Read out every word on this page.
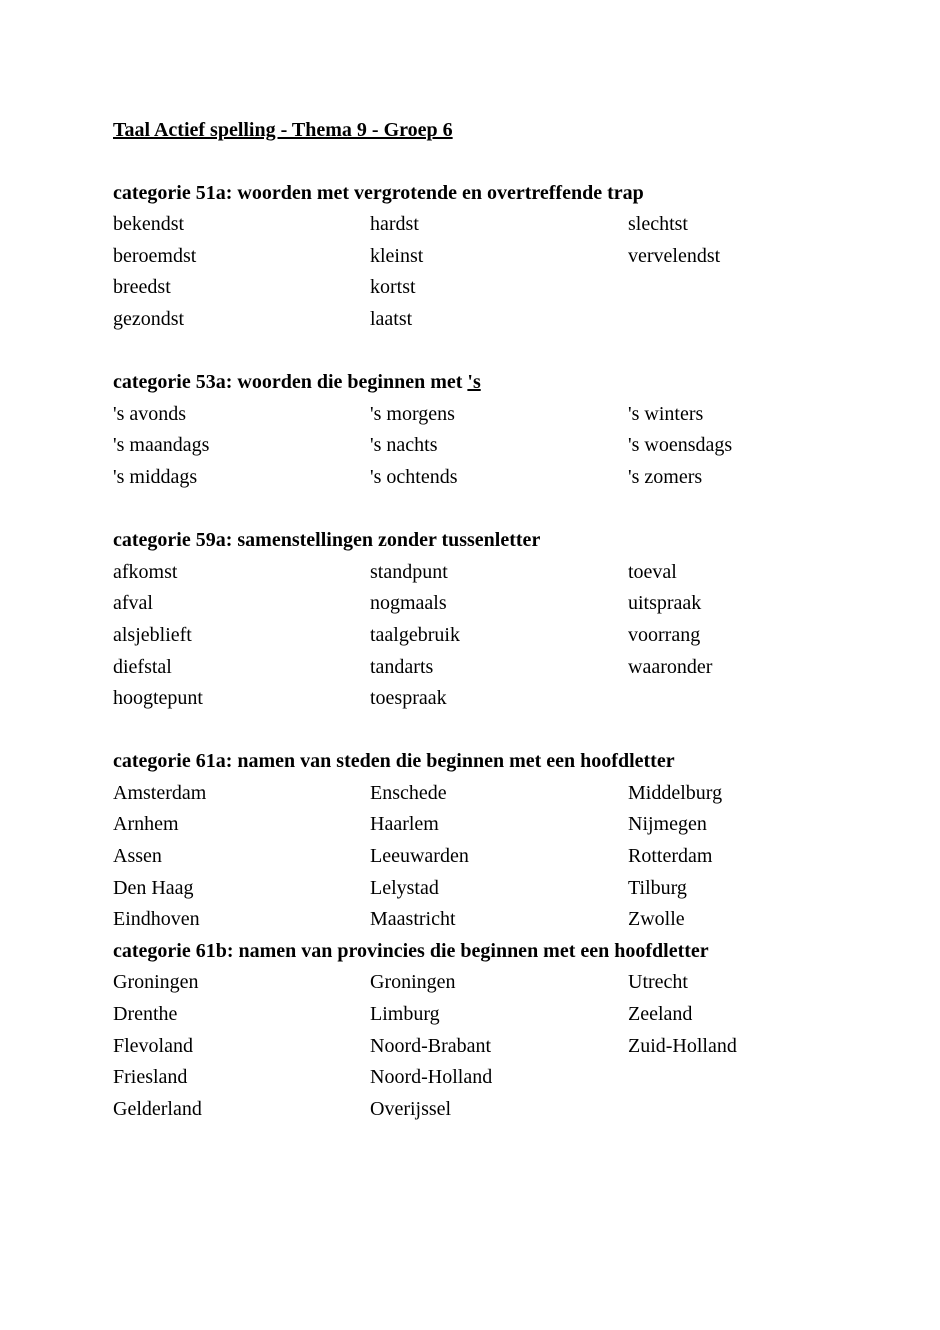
Taal Actief spelling - Thema 9 - Groep 6
categorie 51a: woorden met vergrotende en overtreffende trap
bekendst	hardst	slechtst
beroemdst	kleinst	vervelendst
breedst	kortst
gezondst	laatst
categorie 53a: woorden die beginnen met 's
's avonds	's morgens	's winters
's maandags	's nachts	's woensdags
's middags	's ochtends	's zomers
categorie 59a: samenstellingen zonder tussenletter
afkomst	standpunt	toeval
afval	nogmaals	uitspraak
alsjeblieft	taalgebruik	voorrang
diefstal	tandarts	waaronder
hoogtepunt	toespraak
categorie 61a: namen van steden die beginnen met een hoofdletter
Amsterdam	Enschede	Middelburg
Arnhem	Haarlem	Nijmegen
Assen	Leeuwarden	Rotterdam
Den Haag	Lelystad	Tilburg
Eindhoven	Maastricht	Zwolle
categorie 61b: namen van provincies die beginnen met een hoofdletter
Groningen	Groningen	Utrecht
Drenthe	Limburg	Zeeland
Flevoland	Noord-Brabant	Zuid-Holland
Friesland	Noord-Holland
Gelderland	Overijssel
